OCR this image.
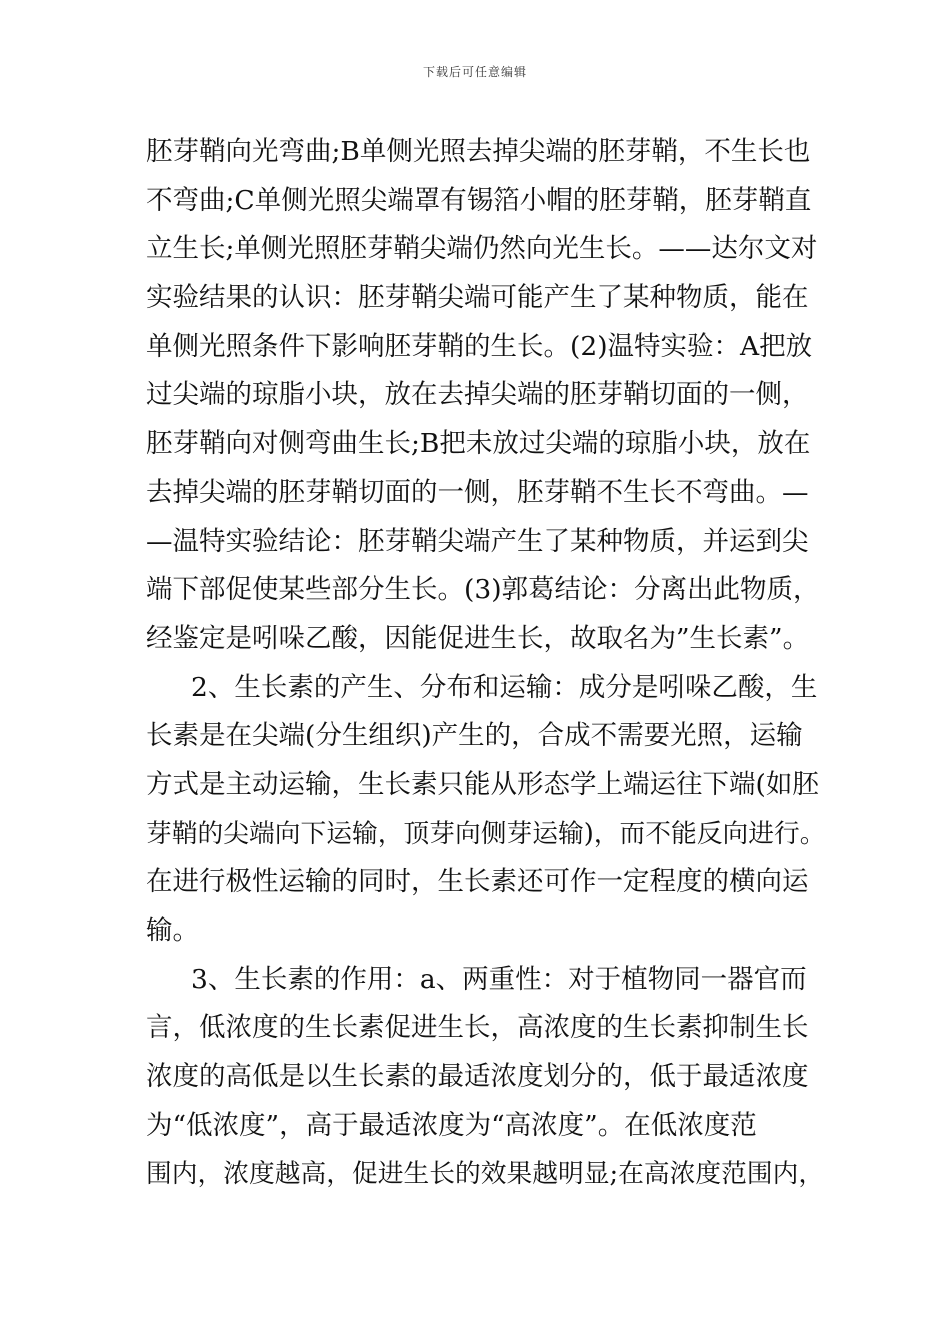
下载后可任意编辑
胚芽鞘向光弯曲;B单侧光照去掉尖端的胚芽鞘，不生长也
不弯曲;C单侧光照尖端罩有锡箔小帽的胚芽鞘，胚芽鞘直
立生长;单侧光照胚芽鞘尖端仍然向光生长。——达尔文对
实验结果的认识：胚芽鞘尖端可能产生了某种物质，能在
单侧光照条件下影响胚芽鞘的生长。(2)温特实验：A把放
过尖端的琼脂小块，放在去掉尖端的胚芽鞘切面的一侧，
胚芽鞘向对侧弯曲生长;B把未放过尖端的琼脂小块，放在
去掉尖端的胚芽鞘切面的一侧，胚芽鞘不生长不弯曲。—
—温特实验结论：胚芽鞘尖端产生了某种物质，并运到尖
端下部促使某些部分生长。(3)郭葛结论：分离出此物质，
经鉴定是吲哚乙酸，因能促进生长，故取名为”生长素”。
2、生长素的产生、分布和运输：成分是吲哚乙酸，生
长素是在尖端(分生组织)产生的，合成不需要光照，运输
方式是主动运输，生长素只能从形态学上端运往下端(如胚
芽鞘的尖端向下运输，顶芽向侧芽运输)，而不能反向进行。
在进行极性运输的同时，生长素还可作一定程度的横向运
输。
3、生长素的作用：a、两重性：对于植物同一器官而
言，低浓度的生长素促进生长，高浓度的生长素抑制生长
浓度的高低是以生长素的最适浓度划分的，低于最适浓度
为“低浓度”，高于最适浓度为“高浓度”。在低浓度范
围内，浓度越高，促进生长的效果越明显;在高浓度范围内，
